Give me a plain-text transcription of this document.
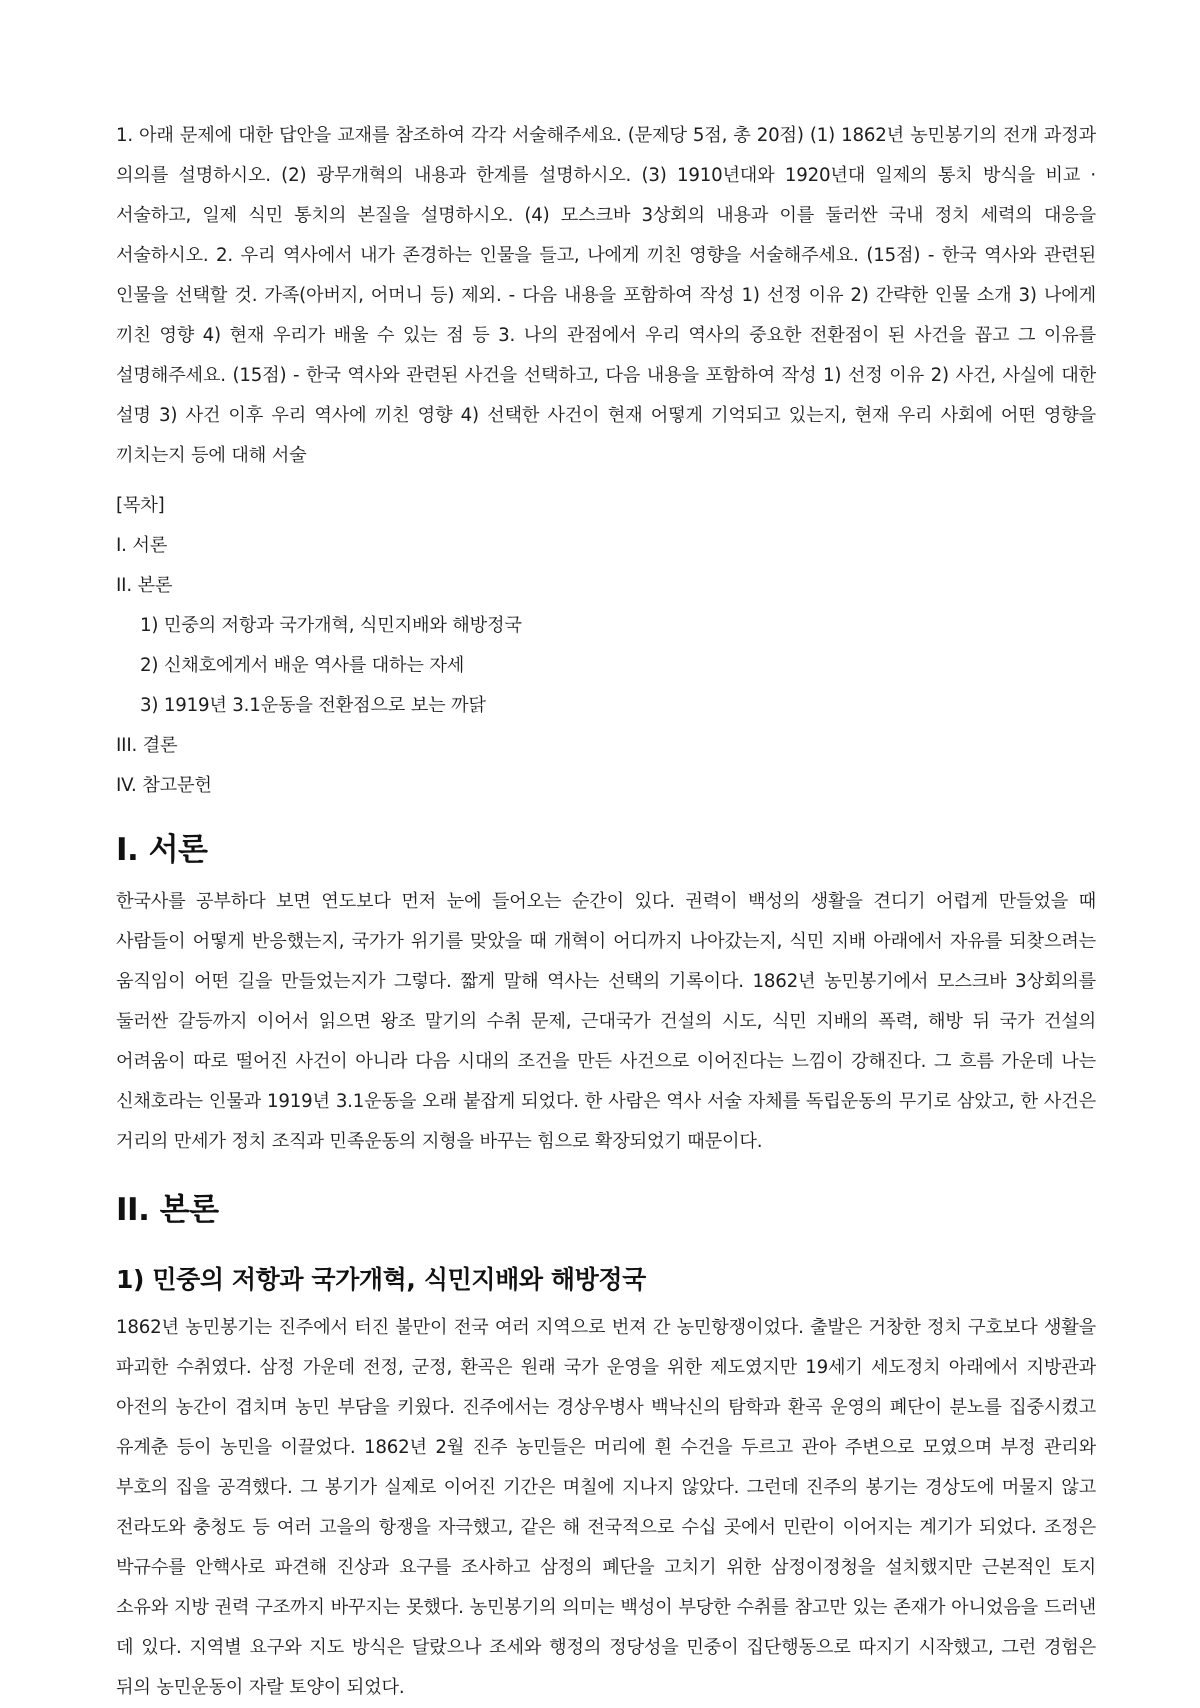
1. 아래 문제에 대한 답안을 교재를 참조하여 각각 서술해주세요. (문제당 5점, 총 20점) (1) 1862년 농민봉기의 전개 과정과 의의를 설명하시오. (2) 광무개혁의 내용과 한계를 설명하시오. (3) 1910년대와 1920년대 일제의 통치 방식을 비교 · 서술하고, 일제 식민 통치의 본질을 설명하시오. (4) 모스크바 3상회의 내용과 이를 둘러싼 국내 정치 세력의 대응을 서술하시오. 2. 우리 역사에서 내가 존경하는 인물을 들고, 나에게 끼친 영향을 서술해주세요. (15점) - 한국 역사와 관련된 인물을 선택할 것. 가족(아버지, 어머니 등) 제외. - 다음 내용을 포함하여 작성 1) 선정 이유 2) 간략한 인물 소개 3) 나에게 끼친 영향 4) 현재 우리가 배울 수 있는 점 등 3. 나의 관점에서 우리 역사의 중요한 전환점이 된 사건을 꼽고 그 이유를 설명해주세요. (15점) - 한국 역사와 관련된 사건을 선택하고, 다음 내용을 포함하여 작성 1) 선정 이유 2) 사건, 사실에 대한 설명 3) 사건 이후 우리 역사에 끼친 영향 4) 선택한 사건이 현재 어떻게 기억되고 있는지, 현재 우리 사회에 어떤 영향을 끼치는지 등에 대해 서술

[목차]
I. 서론
II. 본론
1) 민중의 저항과 국가개혁, 식민지배와 해방정국
2) 신채호에게서 배운 역사를 대하는 자세
3) 1919년 3.1운동을 전환점으로 보는 까닭
III. 결론
IV. 참고문헌
I. 서론

한국사를 공부하다 보면 연도보다 먼저 눈에 들어오는 순간이 있다. 권력이 백성의 생활을 견디기 어렵게 만들었을 때 사람들이 어떻게 반응했는지, 국가가 위기를 맞았을 때 개혁이 어디까지 나아갔는지, 식민 지배 아래에서 자유를 되찾으려는 움직임이 어떤 길을 만들었는지가 그렇다. 짧게 말해 역사는 선택의 기록이다. 1862년 농민봉기에서 모스크바 3상회의를 둘러싼 갈등까지 이어서 읽으면 왕조 말기의 수취 문제, 근대국가 건설의 시도, 식민 지배의 폭력, 해방 뒤 국가 건설의 어려움이 따로 떨어진 사건이 아니라 다음 시대의 조건을 만든 사건으로 이어진다는 느낌이 강해진다. 그 흐름 가운데 나는 신채호라는 인물과 1919년 3.1운동을 오래 붙잡게 되었다. 한 사람은 역사 서술 자체를 독립운동의 무기로 삼았고, 한 사건은 거리의 만세가 정치 조직과 민족운동의 지형을 바꾸는 힘으로 확장되었기 때문이다.

II. 본론
1) 민중의 저항과 국가개혁, 식민지배와 해방정국

1862년 농민봉기는 진주에서 터진 불만이 전국 여러 지역으로 번져 간 농민항쟁이었다. 출발은 거창한 정치 구호보다 생활을 파괴한 수취였다. 삼정 가운데 전정, 군정, 환곡은 원래 국가 운영을 위한 제도였지만 19세기 세도정치 아래에서 지방관과 아전의 농간이 겹치며 농민 부담을 키웠다. 진주에서는 경상우병사 백낙신의 탐학과 환곡 운영의 폐단이 분노를 집중시켰고 유계춘 등이 농민을 이끌었다. 1862년 2월 진주 농민들은 머리에 흰 수건을 두르고 관아 주변으로 모였으며 부정 관리와 부호의 집을 공격했다. 그 봉기가 실제로 이어진 기간은 며칠에 지나지 않았다. 그런데 진주의 봉기는 경상도에 머물지 않고 전라도와 충청도 등 여러 고을의 항쟁을 자극했고, 같은 해 전국적으로 수십 곳에서 민란이 이어지는 계기가 되었다. 조정은 박규수를 안핵사로 파견해 진상과 요구를 조사하고 삼정의 폐단을 고치기 위한 삼정이정청을 설치했지만 근본적인 토지 소유와 지방 권력 구조까지 바꾸지는 못했다. 농민봉기의 의미는 백성이 부당한 수취를 참고만 있는 존재가 아니었음을 드러낸 데 있다. 지역별 요구와 지도 방식은 달랐으나 조세와 행정의 정당성을 민중이 집단행동으로 따지기 시작했고, 그런 경험은 뒤의 농민운동이 자랄 토양이 되었다.
